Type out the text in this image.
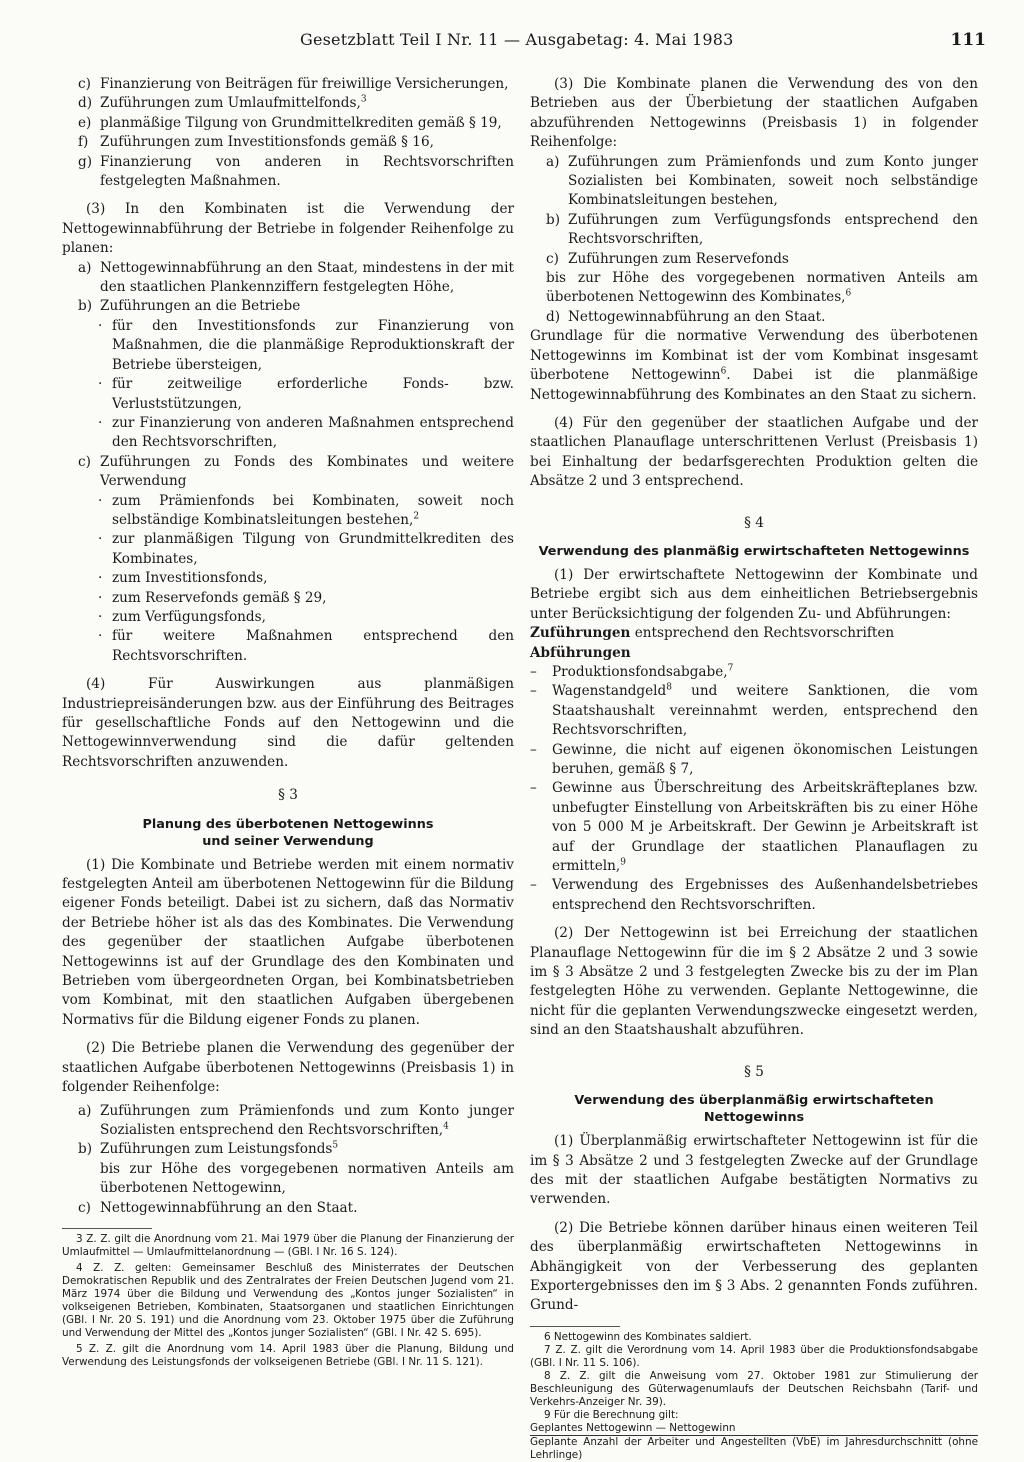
Gesetzblatt Teil I Nr. 11 — Ausgabetag: 4. Mai 1983	111
c) Finanzierung von Beiträgen für freiwillige Versicherungen,
d) Zuführungen zum Umlaufmittelfonds,$^3$
e) planmäßige Tilgung von Grundmittelkrediten gemäß § 19,
f) Zuführungen zum Investitionsfonds gemäß § 16,
g) Finanzierung von anderen in Rechtsvorschriften festgelegten Maßnahmen.

(3) In den Kombinaten ist die Verwendung der Nettogewinnabführung der Betriebe in folgender Reihenfolge zu planen:

a) Nettogewinnabführung an den Staat, mindestens in der mit den staatlichen Plankennziffern festgelegten Höhe,
b) Zuführungen an die Betriebe
· für den Investitionsfonds zur Finanzierung von Maßnahmen, die die planmäßige Reproduktionskraft der Betriebe übersteigen,
· für zeitweilige erforderliche Fonds- bzw. Verluststützungen,
· zur Finanzierung von anderen Maßnahmen entsprechend den Rechtsvorschriften,
c) Zuführungen zu Fonds des Kombinates und weitere Verwendung
· zum Prämienfonds bei Kombinaten, soweit noch selbständige Kombinatsleitungen bestehen,$^2$
· zur planmäßigen Tilgung von Grundmittelkrediten des Kombinates,
· zum Investitionsfonds,
· zum Reservefonds gemäß § 29,
· zum Verfügungsfonds,
· für weitere Maßnahmen entsprechend den Rechtsvorschriften.

(4) Für Auswirkungen aus planmäßigen Industriepreisänderungen bzw. aus der Einführung des Beitrages für gesellschaftliche Fonds auf den Nettogewinn und die Nettogewinnverwendung sind die dafür geltenden Rechtsvorschriften anzuwenden.

§ 3
Planung des überbotenen Nettogewinns
und seiner Verwendung

(1) Die Kombinate und Betriebe werden mit einem normativ festgelegten Anteil am überbotenen Nettogewinn für die Bildung eigener Fonds beteiligt. Dabei ist zu sichern, daß das Normativ der Betriebe höher ist als das des Kombinates. Die Verwendung des gegenüber der staatlichen Aufgabe überbotenen Nettogewinns ist auf der Grundlage des den Kombinaten und Betrieben vom übergeordneten Organ, bei Kombinatsbetrieben vom Kombinat, mit den staatlichen Aufgaben übergebenen Normativs für die Bildung eigener Fonds zu planen.

(2) Die Betriebe planen die Verwendung des gegenüber der staatlichen Aufgabe überbotenen Nettogewinns (Preisbasis 1) in folgender Reihenfolge:

a) Zuführungen zum Prämienfonds und zum Konto junger Sozialisten entsprechend den Rechtsvorschriften,$^4$
b) Zuführungen zum Leistungsfonds$^5$

bis zur Höhe des vorgegebenen normativen Anteils am überbotenen Nettogewinn,

c) Nettogewinnabführung an den Staat.
3 Z. Z. gilt die Anordnung vom 21. Mai 1979 über die Planung der Finanzierung der Umlaufmittel — Umlaufmittelanordnung — (GBl. I Nr. 16 S. 124).
4 Z. Z. gelten: Gemeinsamer Beschluß des Ministerrates der Deutschen Demokratischen Republik und des Zentralrates der Freien Deutschen Jugend vom 21. März 1974 über die Bildung und Verwendung des „Kontos junger Sozialisten“ in volkseigenen Betrieben, Kombinaten, Staatsorganen und staatlichen Einrichtungen (GBl. I Nr. 20 S. 191) und die Anordnung vom 23. Oktober 1975 über die Zuführung und Verwendung der Mittel des „Kontos junger Sozialisten“ (GBl. I Nr. 42 S. 695).
5 Z. Z. gilt die Anordnung vom 14. April 1983 über die Planung, Bildung und Verwendung des Leistungsfonds der volkseigenen Betriebe (GBl. I Nr. 11 S. 121).

(3) Die Kombinate planen die Verwendung des von den Betrieben aus der Überbietung der staatlichen Aufgaben abzuführenden Nettogewinns (Preisbasis 1) in folgender Reihenfolge:

a) Zuführungen zum Prämienfonds und zum Konto junger Sozialisten bei Kombinaten, soweit noch selbständige Kombinatsleitungen bestehen,
b) Zuführungen zum Verfügungsfonds entsprechend den Rechtsvorschriften,
c) Zuführungen zum Reservefonds

bis zur Höhe des vorgegebenen normativen Anteils am überbotenen Nettogewinn des Kombinates,$^6$

d) Nettogewinnabführung an den Staat.

Grundlage für die normative Verwendung des überbotenen Nettogewinns im Kombinat ist der vom Kombinat insgesamt überbotene Nettogewinn$^6$. Dabei ist die planmäßige Nettogewinnabführung des Kombinates an den Staat zu sichern.

(4) Für den gegenüber der staatlichen Aufgabe und der staatlichen Planauflage unterschrittenen Verlust (Preisbasis 1) bei Einhaltung der bedarfsgerechten Produktion gelten die Absätze 2 und 3 entsprechend.

§ 4
Verwendung des planmäßig erwirtschafteten Nettogewinns

(1) Der erwirtschaftete Nettogewinn der Kombinate und Betriebe ergibt sich aus dem einheitlichen Betriebsergebnis unter Berücksichtigung der folgenden Zu- und Abführungen:

Zuführungen entsprechend den Rechtsvorschriften

Abführungen

–	Produktionsfondsabgabe,$^7$
–	Wagenstandgeld$^8$ und weitere Sanktionen, die vom Staatshaushalt vereinnahmt werden, entsprechend den Rechtsvorschriften,
–	Gewinne, die nicht auf eigenen ökonomischen Leistungen beruhen, gemäß § 7,
–	Gewinne aus Überschreitung des Arbeitskräfteplanes bzw. unbefugter Einstellung von Arbeitskräften bis zu einer Höhe von 5 000 M je Arbeitskraft. Der Gewinn je Arbeitskraft ist auf der Grundlage der staatlichen Planauflagen zu ermitteln,$^9$
–	Verwendung des Ergebnisses des Außenhandelsbetriebes entsprechend den Rechtsvorschriften.

(2) Der Nettogewinn ist bei Erreichung der staatlichen Planauflage Nettogewinn für die im § 2 Absätze 2 und 3 sowie im § 3 Absätze 2 und 3 festgelegten Zwecke bis zu der im Plan festgelegten Höhe zu verwenden. Geplante Nettogewinne, die nicht für die geplanten Verwendungszwecke eingesetzt werden, sind an den Staatshaushalt abzuführen.

§ 5
Verwendung des überplanmäßig erwirtschafteten
Nettogewinns

(1) Überplanmäßig erwirtschafteter Nettogewinn ist für die im § 3 Absätze 2 und 3 festgelegten Zwecke auf der Grundlage des mit der staatlichen Aufgabe bestätigten Normativs zu verwenden.

(2) Die Betriebe können darüber hinaus einen weiteren Teil des überplanmäßig erwirtschafteten Nettogewinns in Abhängigkeit von der Verbesserung des geplanten Exportergebnisses den im § 3 Abs. 2 genannten Fonds zuführen. Grund-

6 Nettogewinn des Kombinates saldiert.
7 Z. Z. gilt die Verordnung vom 14. April 1983 über die Produktionsfondsabgabe (GBl. I Nr. 11 S. 106).
8 Z. Z. gilt die Anweisung vom 27. Oktober 1981 zur Stimulierung der Beschleunigung des Güterwagenumlaufs der Deutschen Reichsbahn (Tarif- und Verkehrs-Anzeiger Nr. 39).
9 Für die Berechnung gilt:
Geplantes Nettogewinn — Nettogewinn
Geplante Anzahl der Arbeiter und Angestellten (VbE) im Jahresdurchschnitt (ohne Lehrlinge)
